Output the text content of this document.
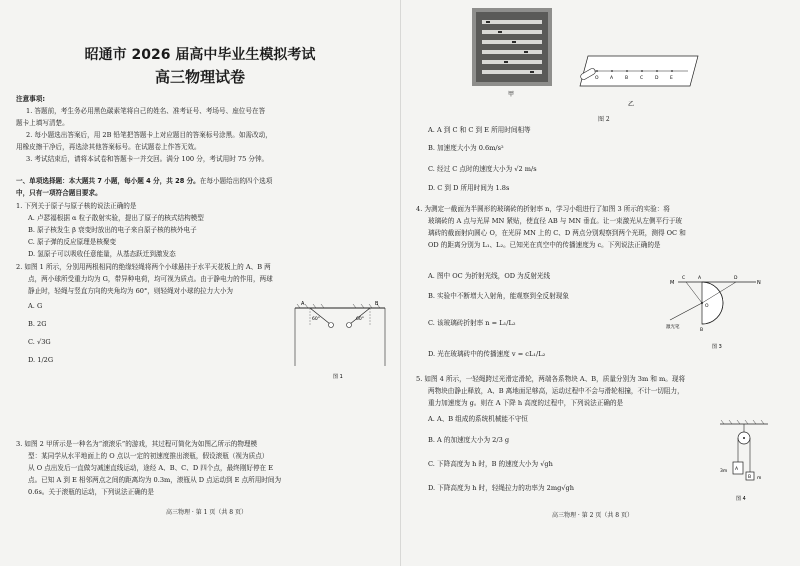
昭通市 2026 届高中毕业生模拟考试
高三物理试卷
注意事项:
1. 答题前，考生务必用黑色碳素笔将自己的姓名、准考证号、考场号、座位号在答
题卡上填写清楚。
2. 每小题选出答案后，用 2B 铅笔把答题卡上对应题目的答案标号涂黑。如需改动，
用橡皮擦干净后，再选涂其他答案标号。在试题卷上作答无效。
3. 考试结束后，请将本试卷和答题卡一并交回。满分 100 分，考试用时 75 分钟。
一、单项选择题：本大题共 7 小题，每小题 4 分，共 28 分。在每小题给出的四个选项
中，只有一项符合题目要求。
1. 下列关于原子与原子核的说法正确的是
A. 卢瑟福根据 α 粒子散射实验，提出了原子的核式结构模型
B. 原子核发生 β 衰变时放出的电子来自原子核的核外电子
C. 原子弹的反应原理是核聚变
D. 氢原子可以吸收任意能量，从基态跃迁到激发态
2. 如图 1 所示，分别用两根相同的绝缘轻绳将两个小球悬挂于水平天花板上的 A、B 两
点，两小球所受重力均为 G，带异种电荷，均可视为质点。由于静电力的作用，两球
静止时，轻绳与竖直方向的夹角均为 60°，则轻绳对小球的拉力大小为
A. G
B. 2G
C. √3G
D. 1/2G
A	B
60°	60°
图 1
3. 如图 2 甲所示是一种名为“滚滚乐”的游戏，其过程可简化为如图乙所示的物理模
型：某同学从水平地面上的 O 点以一定的初速度推出滚瓶，假设滚瓶（视为质点）
从 O 点出发后一直做匀减速直线运动，途经 A、B、C、D 四个点，最终刚好停在 E
点。已知 A 到 E 相邻两点之间的距离均为 0.3m，滚瓶从 D 点运动到 E 点所用时间为
0.6s。关于滚瓶的运动，下列说法正确的是
高三物理 · 第 1 页（共 8 页）
甲
O	A	B	C	D	E
乙
图 2
A. A 到 C 和 C 到 E 所用时间相等
B. 加速度大小为 0.6m/s²
C. 经过 C 点时的速度大小为 √2 m/s
D. C 到 D 所用时间为 1.8s
4. 为测定一截面为半圆形的玻璃砖的折射率 n，学习小组进行了如图 3 所示的实验：将
玻璃砖的 A 点与光屏 MN 紧贴，使直径 AB 与 MN 垂直。让一束激光从左侧平行于玻
璃砖的截面射向圆心 O，在光屏 MN 上的 C、D 两点分别观察到两个光斑，测得 OC 和
OD 的距离分别为 L₁、L₂。已知光在真空中的传播速度为 c。下列说法正确的是
A. 图中 OC 为折射光线，OD 为反射光线
B. 实验中不断增大入射角，能观察到全反射现象
C. 该玻璃砖折射率 n = L₁/L₂
D. 光在玻璃砖中的传播速度 v = cL₁/L₂
M	N
A
B
C	D
O
激光笔
图 3
5. 如图 4 所示，一轻绳跨过光滑定滑轮，两端各系物块 A、B，质量分别为 3m 和 m。现将
两物块由静止释放，A、B 离地面足够高，运动过程中不会与滑轮相撞，不计一切阻力，
重力加速度为 g。则在 A 下降 h 高度的过程中，下列说法正确的是
A. A、B 组成的系统机械能不守恒
B. A 的加速度大小为 2/3 g
C. 下降高度为 h 时，B 的速度大小为 √gh
D. 下降高度为 h 时，轻绳拉力的功率为 2mg√gh
A
B
3m
m
图 4
高三物理 · 第 2 页（共 8 页）
